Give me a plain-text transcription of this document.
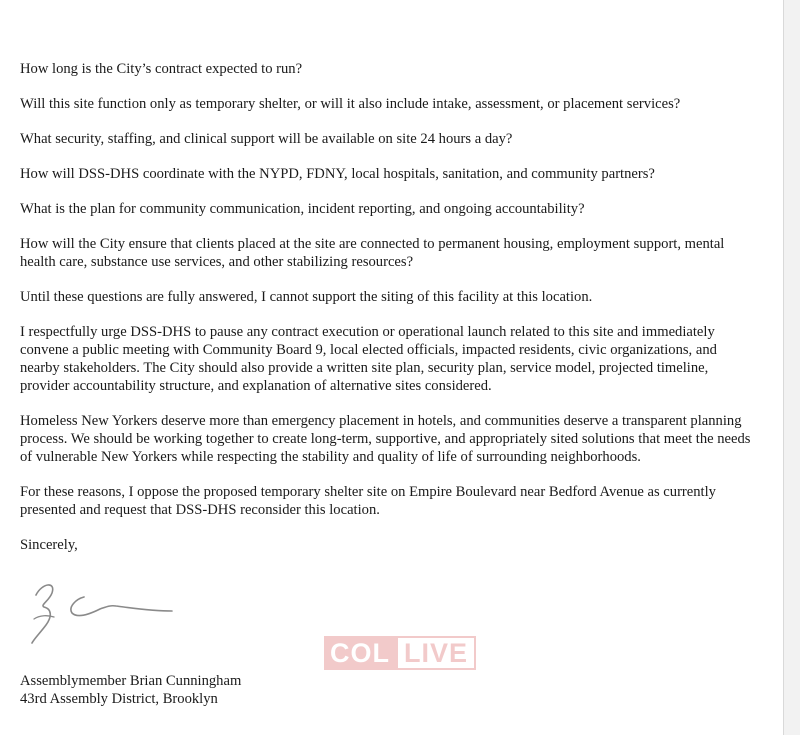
How long is the City’s contract expected to run?

Will this site function only as temporary shelter, or will it also include intake, assessment, or placement services?

What security, staffing, and clinical support will be available on site 24 hours a day?

How will DSS-DHS coordinate with the NYPD, FDNY, local hospitals, sanitation, and community partners?

What is the plan for community communication, incident reporting, and ongoing accountability?

How will the City ensure that clients placed at the site are connected to permanent housing, employment support, mental health care, substance use services, and other stabilizing resources?

Until these questions are fully answered, I cannot support the siting of this facility at this location.

I respectfully urge DSS-DHS to pause any contract execution or operational launch related to this site and immediately convene a public meeting with Community Board 9, local elected officials, impacted residents, civic organizations, and nearby stakeholders. The City should also provide a written site plan, security plan, service model, projected timeline, provider accountability structure, and explanation of alternative sites considered.

Homeless New Yorkers deserve more than emergency placement in hotels, and communities deserve a transparent planning process. We should be working together to create long-term, supportive, and appropriately sited solutions that meet the needs of vulnerable New Yorkers while respecting the stability and quality of life of surrounding neighborhoods.

For these reasons, I oppose the proposed temporary shelter site on Empire Boulevard near Bedford Avenue as currently presented and request that DSS-DHS reconsider this location.

Sincerely,

COL LIVE

Assemblymember Brian Cunningham

43rd Assembly District, Brooklyn
